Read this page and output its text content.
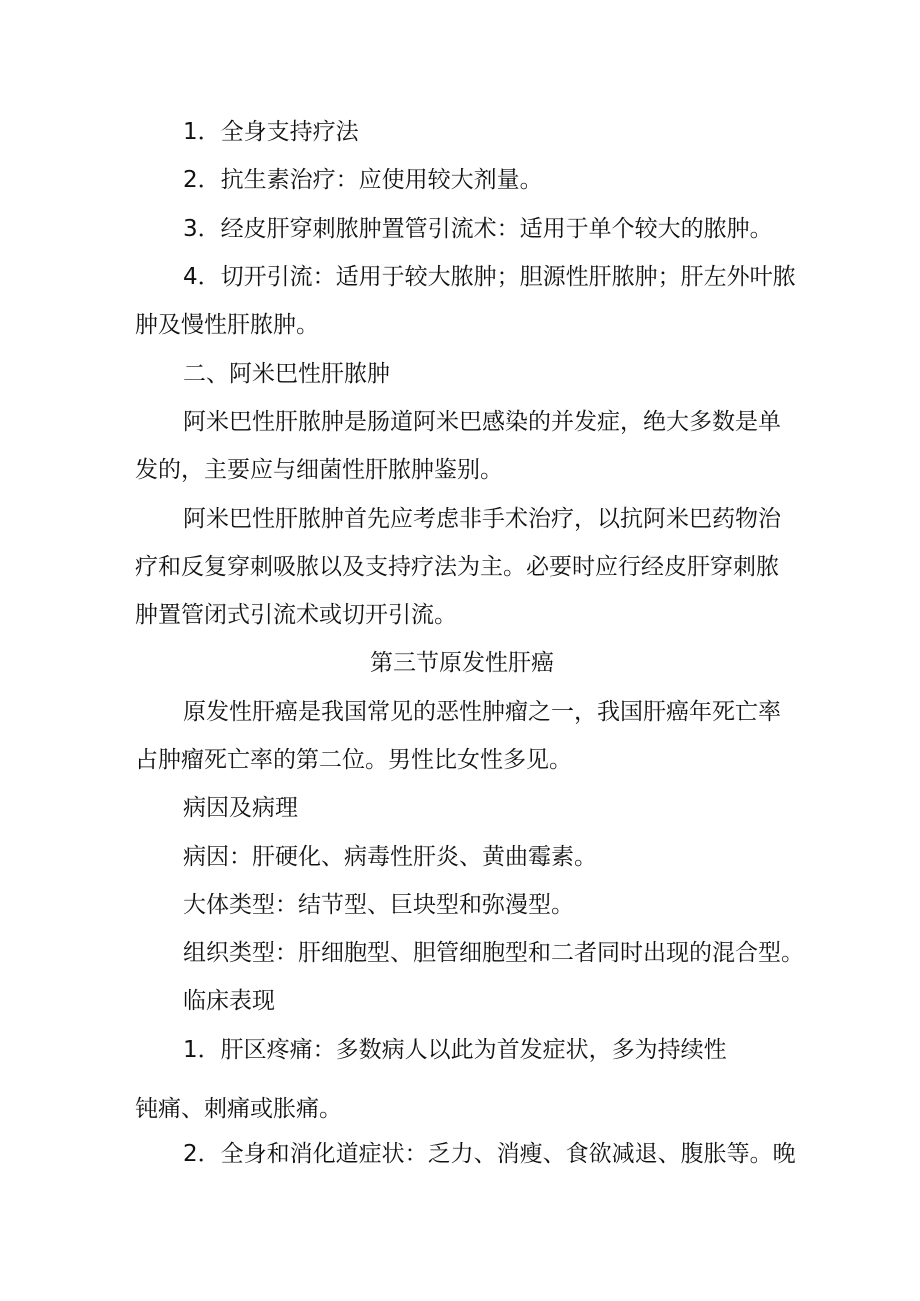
1．全身支持疗法

2．抗生素治疗：应使用较大剂量。

3．经皮肝穿刺脓肿置管引流术：适用于单个较大的脓肿。

4．切开引流：适用于较大脓肿；胆源性肝脓肿；肝左外叶脓

肿及慢性肝脓肿。

二、阿米巴性肝脓肿

阿米巴性肝脓肿是肠道阿米巴感染的并发症，绝大多数是单

发的，主要应与细菌性肝脓肿鉴别。

阿米巴性肝脓肿首先应考虑非手术治疗，以抗阿米巴药物治

疗和反复穿刺吸脓以及支持疗法为主。必要时应行经皮肝穿刺脓

肿置管闭式引流术或切开引流。

第三节原发性肝癌

原发性肝癌是我国常见的恶性肿瘤之一，我国肝癌年死亡率

占肿瘤死亡率的第二位。男性比女性多见。

病因及病理

病因：肝硬化、病毒性肝炎、黄曲霉素。

大体类型：结节型、巨块型和弥漫型。

组织类型：肝细胞型、胆管细胞型和二者同时出现的混合型。

临床表现

1．肝区疼痛：多数病人以此为首发症状，多为持续性

钝痛、刺痛或胀痛。

2．全身和消化道症状：乏力、消瘦、食欲减退、腹胀等。晚
